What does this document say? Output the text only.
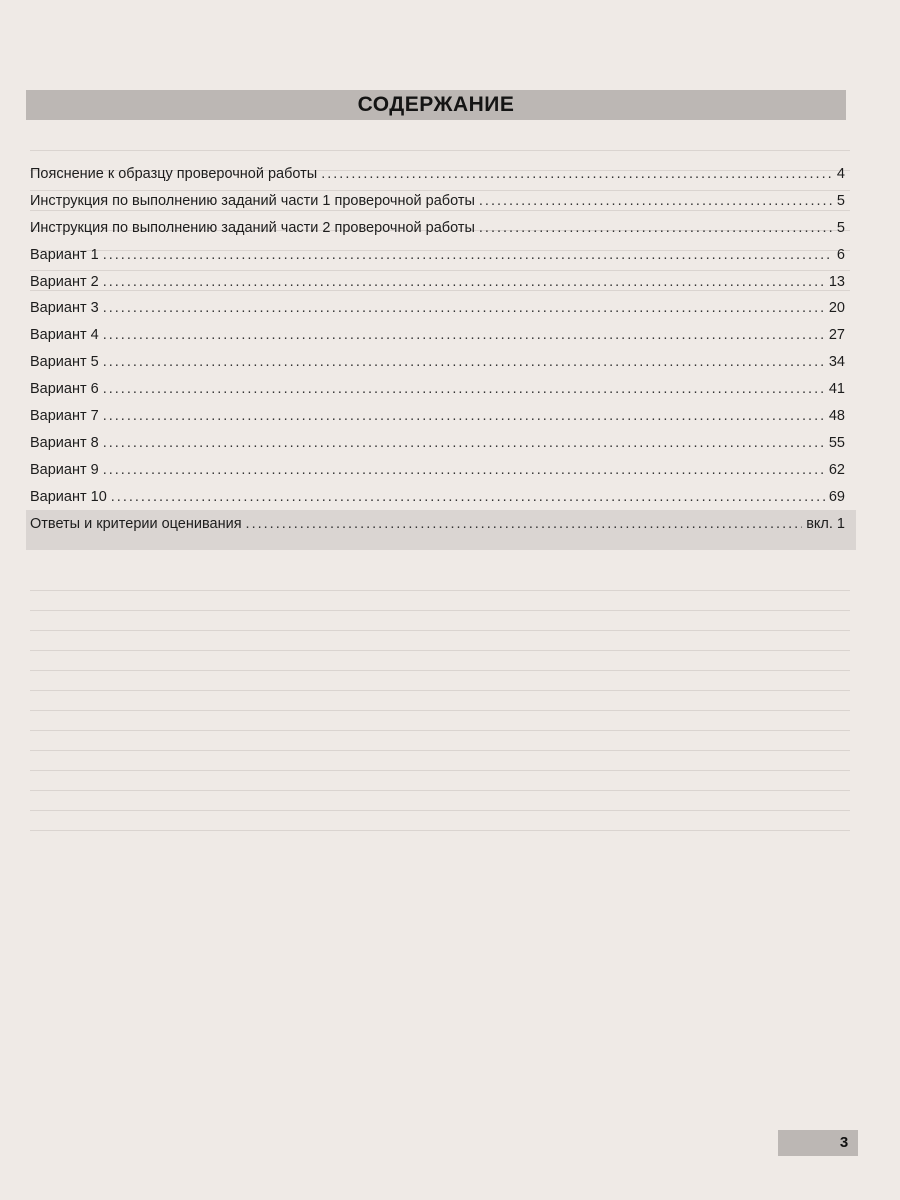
СОДЕРЖАНИЕ
Пояснение к образцу проверочной работы .....	4
Инструкция по выполнению заданий части 1 проверочной работы .....	5
Инструкция по выполнению заданий части 2 проверочной работы .....	5
Вариант 1 .....	6
Вариант 2 .....	13
Вариант 3 .....	20
Вариант 4 .....	27
Вариант 5 .....	34
Вариант 6 .....	41
Вариант 7 .....	48
Вариант 8 .....	55
Вариант 9 .....	62
Вариант 10 .....	69
Ответы и критерии оценивания .....	вкл. 1
3
